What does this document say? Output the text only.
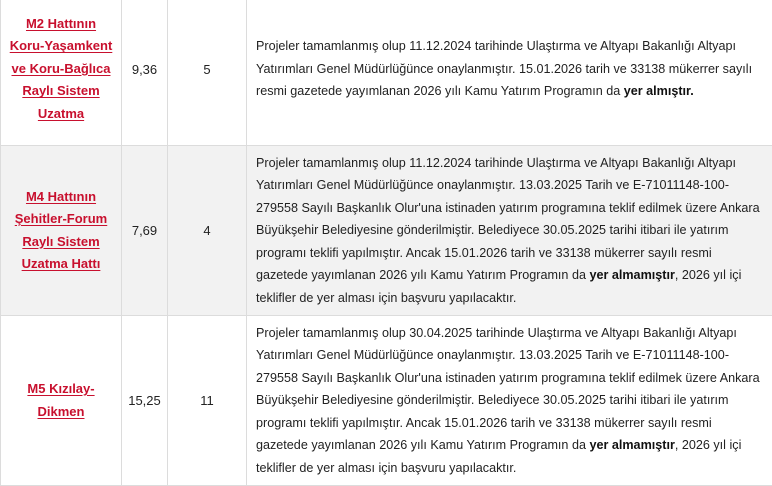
M2 Hattının Koru-Yaşamkent ve Koru-Bağlıca Raylı Sistem Uzatma	9,36	5	Projeler tamamlanmış olup 11.12.2024 tarihinde Ulaştırma ve Altyapı Bakanlığı Altyapı Yatırımları Genel Müdürlüğünce onaylanmıştır. 15.01.2026 tarih ve 33138 mükerrer sayılı resmi gazetede yayımlanan 2026 yılı Kamu Yatırım Programın da yer almıştır.
M4 Hattının Şehitler-Forum Raylı Sistem Uzatma Hattı	7,69	4	Projeler tamamlanmış olup 11.12.2024 tarihinde Ulaştırma ve Altyapı Bakanlığı Altyapı Yatırımları Genel Müdürlüğünce onaylanmıştır. 13.03.2025 Tarih ve E-71011148-100-279558 Sayılı Başkanlık Olur'una istinaden yatırım programına teklif edilmek üzere Ankara Büyükşehir Belediyesine gönderilmiştir. Belediyece 30.05.2025 tarihi itibari ile yatırım programı teklifi yapılmıştır. Ancak 15.01.2026 tarih ve 33138 mükerrer sayılı resmi gazetede yayımlanan 2026 yılı Kamu Yatırım Programın da yer almamıştır, 2026 yıl içi teklifler de yer alması için başvuru yapılacaktır.
M5 Kızılay-Dikmen	15,25	11	Projeler tamamlanmış olup 30.04.2025 tarihinde Ulaştırma ve Altyapı Bakanlığı Altyapı Yatırımları Genel Müdürlüğünce onaylanmıştır. 13.03.2025 Tarih ve E-71011148-100-279558 Sayılı Başkanlık Olur'una istinaden yatırım programına teklif edilmek üzere Ankara Büyükşehir Belediyesine gönderilmiştir. Belediyece 30.05.2025 tarihi itibari ile yatırım programı teklifi yapılmıştır. Ancak 15.01.2026 tarih ve 33138 mükerrer sayılı resmi gazetede yayımlanan 2026 yılı Kamu Yatırım Programın da yer almamıştır, 2026 yıl içi teklifler de yer alması için başvuru yapılacaktır.
